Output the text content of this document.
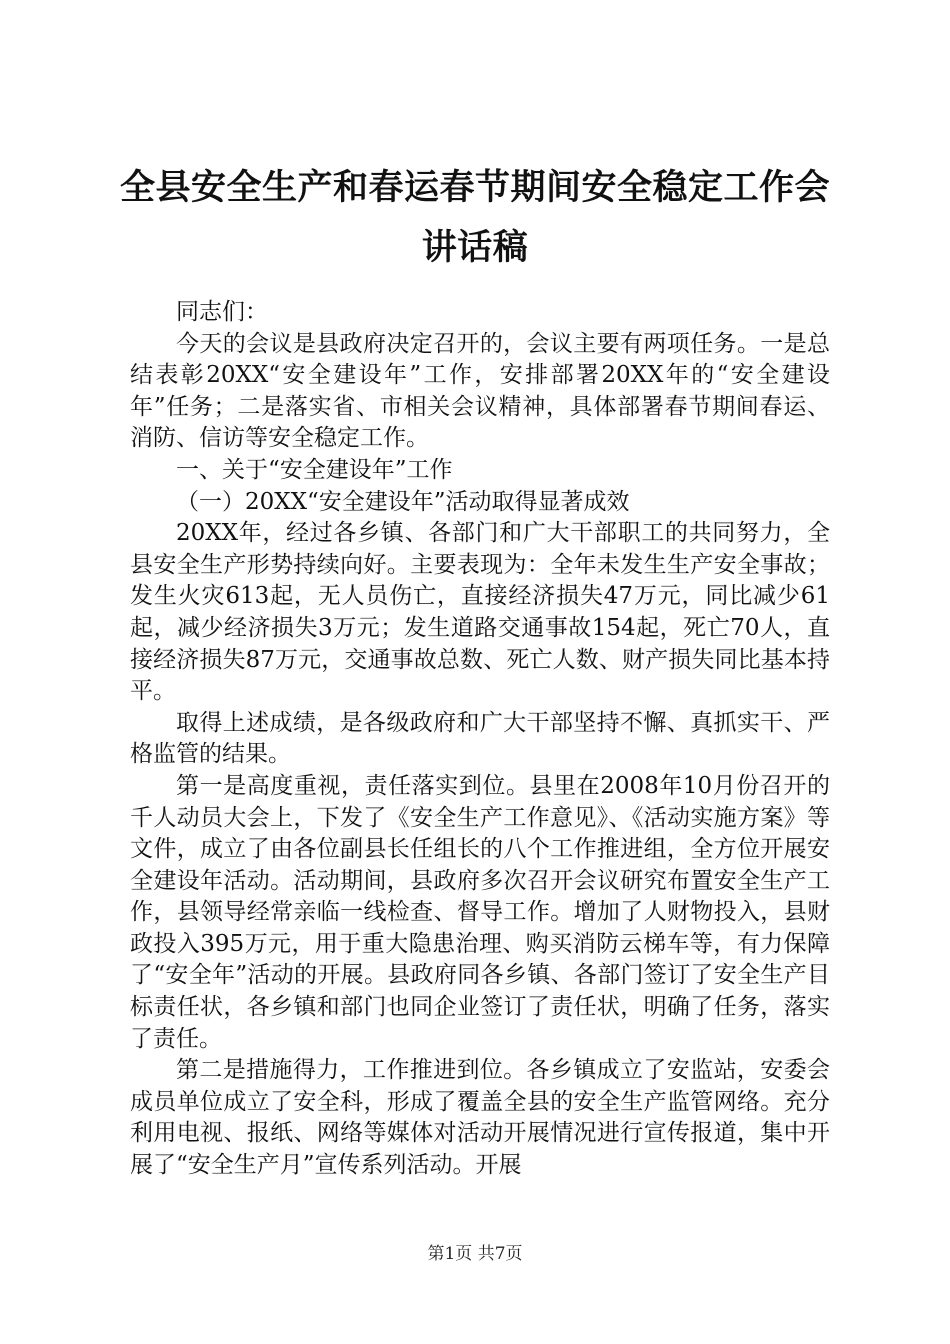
全县安全生产和春运春节期间安全稳定工作会讲话稿

同志们：

今天的会议是县政府决定召开的，会议主要有两项任务。一是总结表彰20XX“安全建设年”工作，安排部署20XX年的“安全建设年”任务；二是落实省、市相关会议精神，具体部署春节期间春运、消防、信访等安全稳定工作。

一、关于“安全建设年”工作

（一）20XX“安全建设年”活动取得显著成效

20XX年，经过各乡镇、各部门和广大干部职工的共同努力，全县安全生产形势持续向好。主要表现为：全年未发生生产安全事故；发生火灾613起，无人员伤亡，直接经济损失47万元，同比减少61起，减少经济损失3万元；发生道路交通事故154起，死亡70人，直接经济损失87万元，交通事故总数、死亡人数、财产损失同比基本持平。

取得上述成绩，是各级政府和广大干部坚持不懈、真抓实干、严格监管的结果。

第一是高度重视，责任落实到位。县里在2008年10月份召开的千人动员大会上，下发了《安全生产工作意见》、《活动实施方案》等文件，成立了由各位副县长任组长的八个工作推进组，全方位开展安全建设年活动。活动期间，县政府多次召开会议研究布置安全生产工作，县领导经常亲临一线检查、督导工作。增加了人财物投入，县财政投入395万元，用于重大隐患治理、购买消防云梯车等，有力保障了“安全年”活动的开展。县政府同各乡镇、各部门签订了安全生产目标责任状，各乡镇和部门也同企业签订了责任状，明确了任务，落实了责任。

第二是措施得力，工作推进到位。各乡镇成立了安监站，安委会成员单位成立了安全科，形成了覆盖全县的安全生产监管网络。充分利用电视、报纸、网络等媒体对活动开展情况进行宣传报道，集中开展了“安全生产月”宣传系列活动。开展

第1页 共7页
